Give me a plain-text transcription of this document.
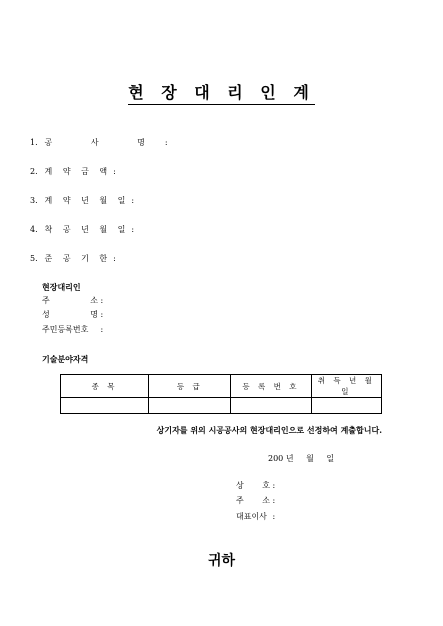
현 장 대 리 인 계
1. 공 사 명 :
2. 계 약 금 액 :
3. 계 약 년 월 일 :
4. 착 공 년 월 일 :
5. 준 공 기 한 :
현장대리인
주 소 :
성 명 :
주민등록번호 :
기술분야자격
종 목	등 급	등 록 번 호	취 득 년 월 일

상기자를 위의 시공공사의 현장대리인으로 선정하여 계출합니다.
200 년 월 일
상 호 :
주 소 :
대표이사 :
귀하
